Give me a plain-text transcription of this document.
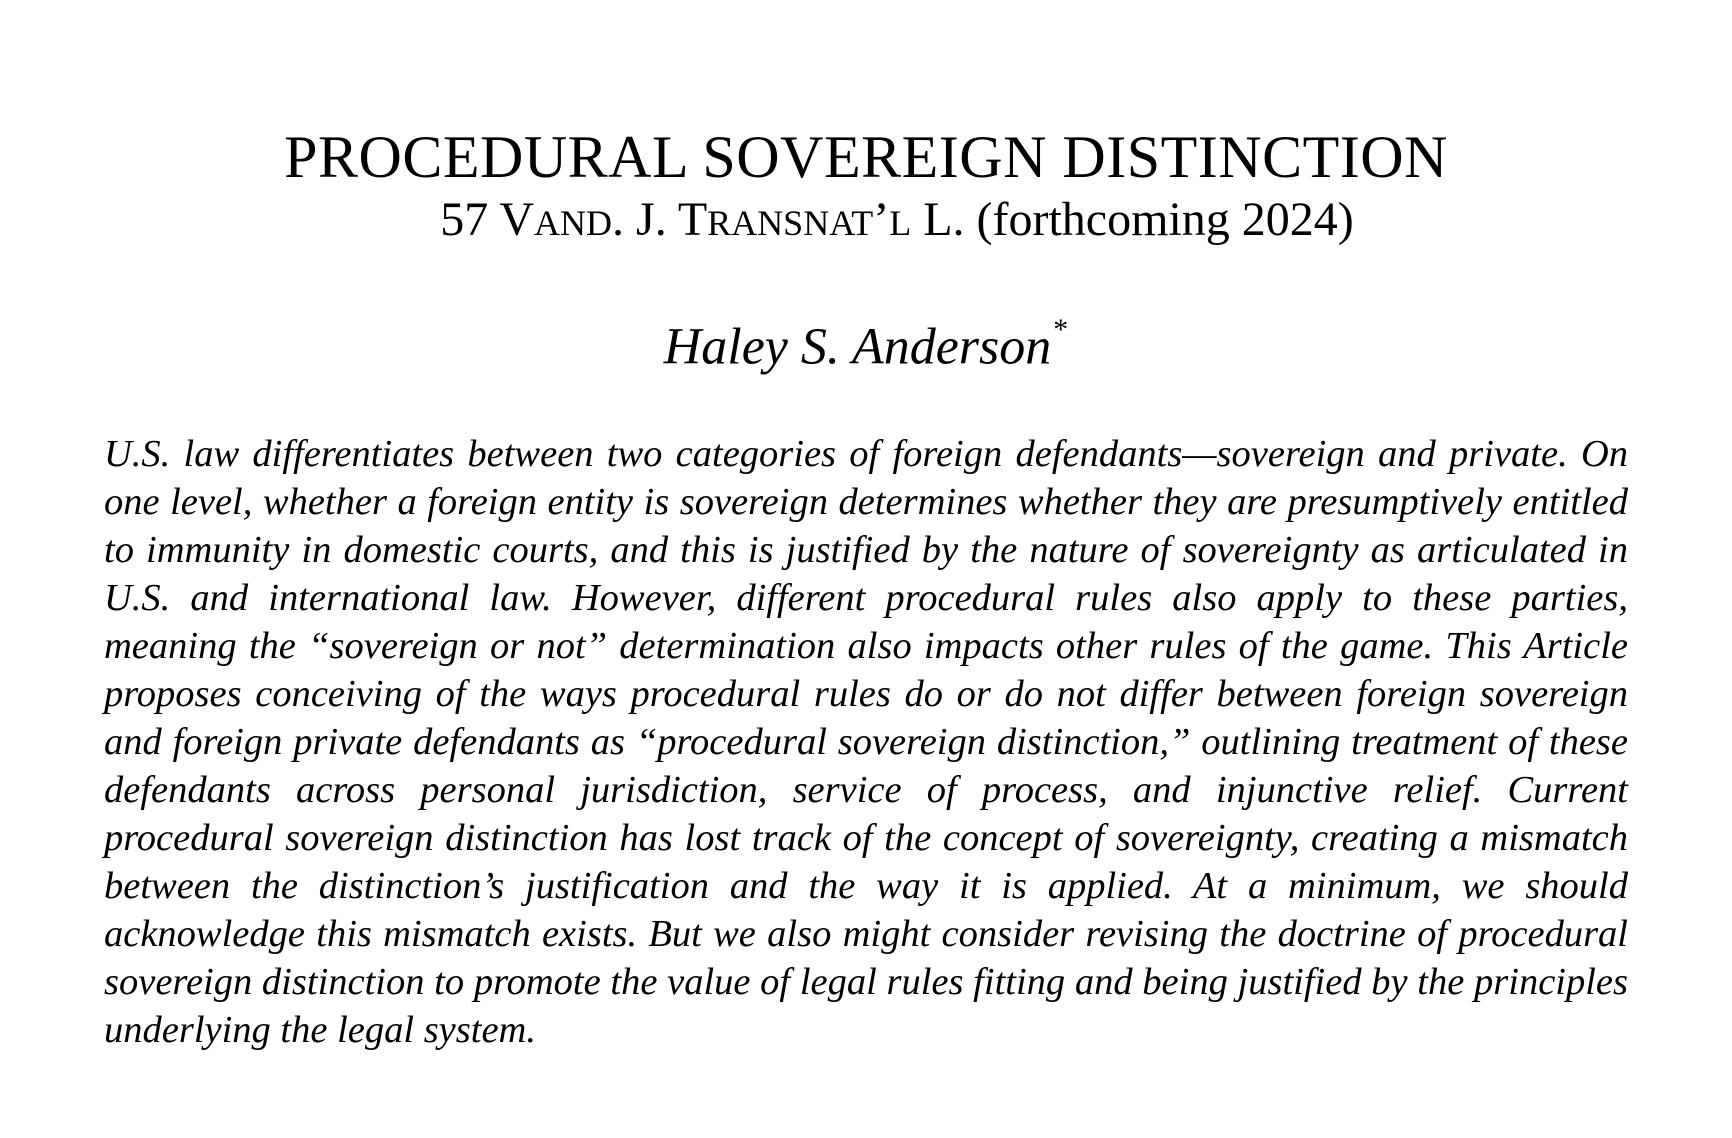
PROCEDURAL SOVEREIGN DISTINCTION
57 VAND. J. TRANSNAT’L L. (forthcoming 2024)
Haley S. Anderson*

U.S. law differentiates between two categories of foreign defendants—sovereign and private. On one level, whether a foreign entity is sovereign determines whether they are presumptively entitled to immunity in domestic courts, and this is justified by the nature of sovereignty as articulated in U.S. and international law. However, different procedural rules also apply to these parties, meaning the “sovereign or not” determination also impacts other rules of the game. This Article proposes conceiving of the ways procedural rules do or do not differ between foreign sovereign and foreign private defendants as “procedural sovereign distinction,” outlining treatment of these defendants across personal jurisdiction, service of process, and injunctive relief. Current procedural sovereign distinction has lost track of the concept of sovereignty, creating a mismatch between the distinction’s justification and the way it is applied. At a minimum, we should acknowledge this mismatch exists. But we also might consider revising the doctrine of procedural sovereign distinction to promote the value of legal rules fitting and being justified by the principles underlying the legal system.
